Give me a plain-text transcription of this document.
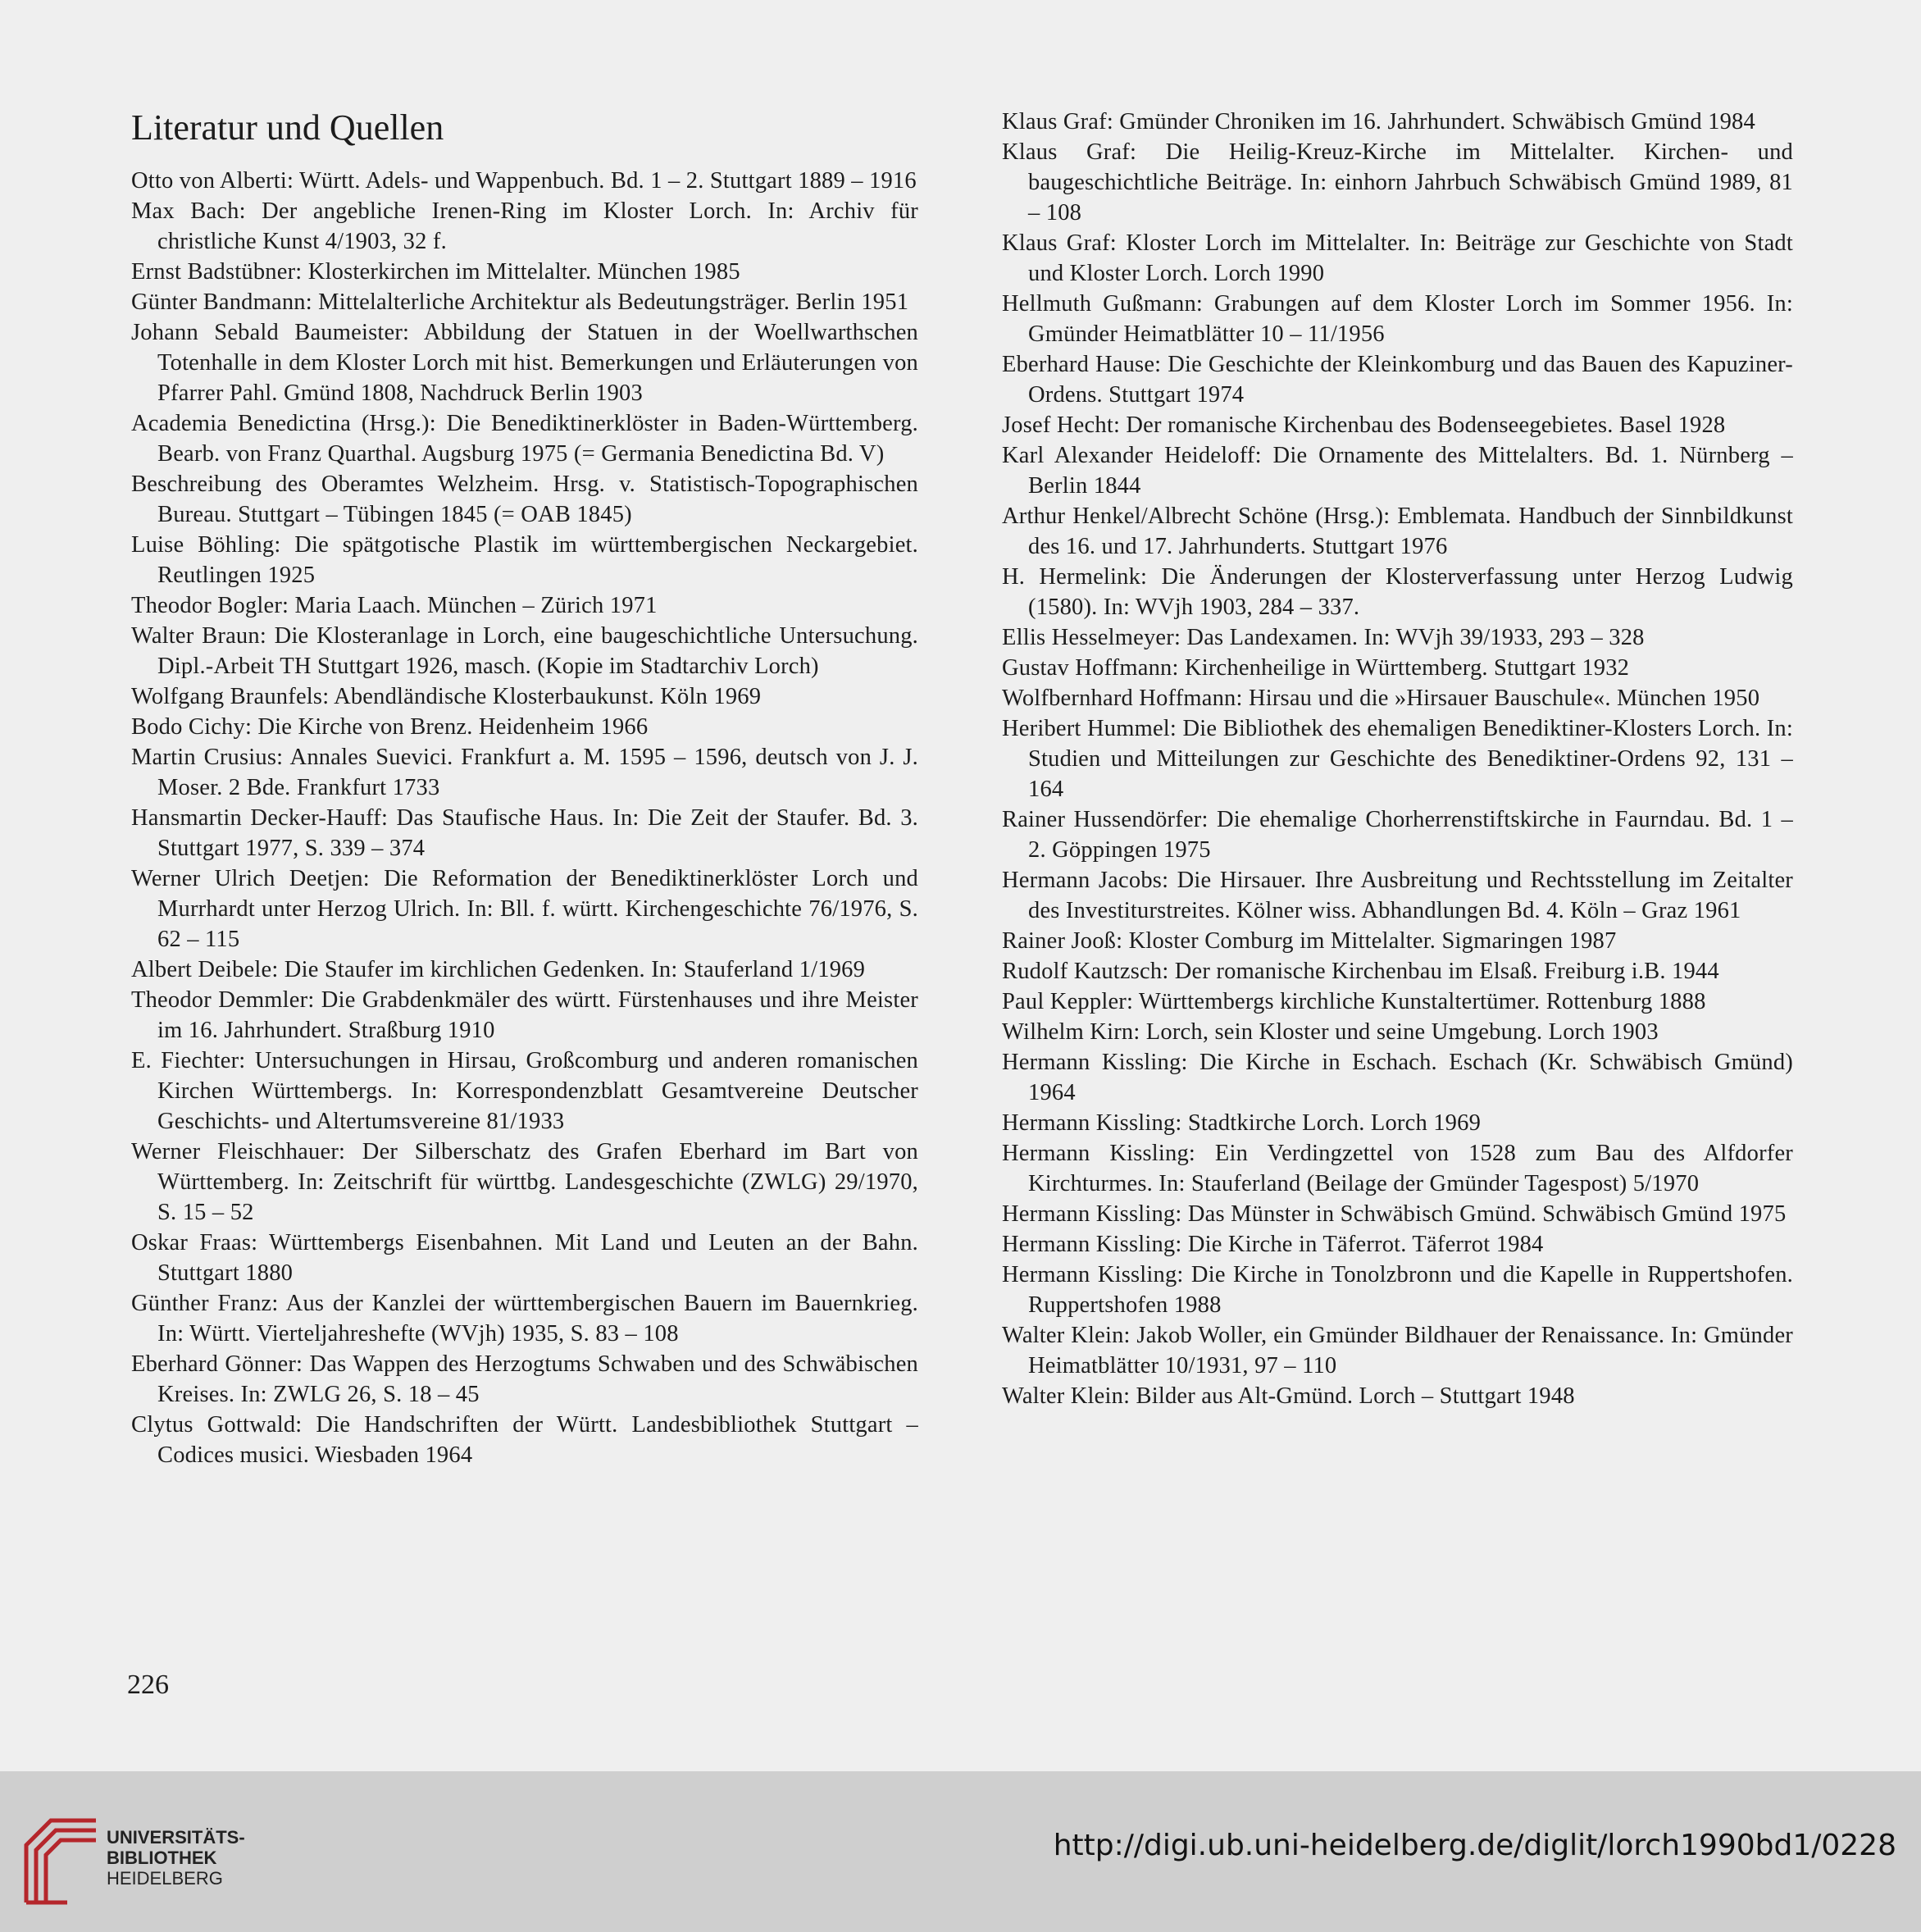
Literatur und Quellen

Otto von Alberti: Württ. Adels- und Wappenbuch. Bd. 1 – 2. Stuttgart 1889 – 1916

Max Bach: Der angebliche Irenen-Ring im Kloster Lorch. In: Archiv für christliche Kunst 4/1903, 32 f.

Ernst Badstübner: Klosterkirchen im Mittelalter. München 1985

Günter Bandmann: Mittelalterliche Architektur als Bedeutungsträger. Berlin 1951

Johann Sebald Baumeister: Abbildung der Statuen in der Woellwarthschen Totenhalle in dem Kloster Lorch mit hist. Bemerkungen und Erläuterungen von Pfarrer Pahl. Gmünd 1808, Nachdruck Berlin 1903

Academia Benedictina (Hrsg.): Die Benediktinerklöster in Baden-Württemberg. Bearb. von Franz Quarthal. Augsburg 1975 (= Germania Benedictina Bd. V)

Beschreibung des Oberamtes Welzheim. Hrsg. v. Statistisch-Topographischen Bureau. Stuttgart – Tübingen 1845 (= OAB 1845)

Luise Böhling: Die spätgotische Plastik im württembergischen Neckargebiet. Reutlingen 1925

Theodor Bogler: Maria Laach. München – Zürich 1971

Walter Braun: Die Klosteranlage in Lorch, eine baugeschichtliche Untersuchung. Dipl.-Arbeit TH Stuttgart 1926, masch. (Kopie im Stadtarchiv Lorch)

Wolfgang Braunfels: Abendländische Klosterbaukunst. Köln 1969

Bodo Cichy: Die Kirche von Brenz. Heidenheim 1966

Martin Crusius: Annales Suevici. Frankfurt a. M. 1595 – 1596, deutsch von J. J. Moser. 2 Bde. Frankfurt 1733

Hansmartin Decker-Hauff: Das Staufische Haus. In: Die Zeit der Staufer. Bd. 3. Stuttgart 1977, S. 339 – 374

Werner Ulrich Deetjen: Die Reformation der Benediktinerklöster Lorch und Murrhardt unter Herzog Ulrich. In: Bll. f. württ. Kirchengeschichte 76/1976, S. 62 – 115

Albert Deibele: Die Staufer im kirchlichen Gedenken. In: Stauferland 1/1969

Theodor Demmler: Die Grabdenkmäler des württ. Fürstenhauses und ihre Meister im 16. Jahrhundert. Straßburg 1910

E. Fiechter: Untersuchungen in Hirsau, Großcomburg und anderen romanischen Kirchen Württembergs. In: Korrespondenzblatt Gesamtvereine Deutscher Geschichts- und Altertumsvereine 81/1933

Werner Fleischhauer: Der Silberschatz des Grafen Eberhard im Bart von Württemberg. In: Zeitschrift für württbg. Landesgeschichte (ZWLG) 29/1970, S. 15 – 52

Oskar Fraas: Württembergs Eisenbahnen. Mit Land und Leuten an der Bahn. Stuttgart 1880

Günther Franz: Aus der Kanzlei der württembergischen Bauern im Bauernkrieg. In: Württ. Vierteljahreshefte (WVjh) 1935, S. 83 – 108

Eberhard Gönner: Das Wappen des Herzogtums Schwaben und des Schwäbischen Kreises. In: ZWLG 26, S. 18 – 45

Clytus Gottwald: Die Handschriften der Württ. Landesbibliothek Stuttgart – Codices musici. Wiesbaden 1964

Klaus Graf: Gmünder Chroniken im 16. Jahrhundert. Schwäbisch Gmünd 1984

Klaus Graf: Die Heilig-Kreuz-Kirche im Mittelalter. Kirchen- und baugeschichtliche Beiträge. In: einhorn Jahrbuch Schwäbisch Gmünd 1989, 81 – 108

Klaus Graf: Kloster Lorch im Mittelalter. In: Beiträge zur Geschichte von Stadt und Kloster Lorch. Lorch 1990

Hellmuth Gußmann: Grabungen auf dem Kloster Lorch im Sommer 1956. In: Gmünder Heimatblätter 10 – 11/1956

Eberhard Hause: Die Geschichte der Kleinkomburg und das Bauen des Kapuziner-Ordens. Stuttgart 1974

Josef Hecht: Der romanische Kirchenbau des Bodenseegebietes. Basel 1928

Karl Alexander Heideloff: Die Ornamente des Mittelalters. Bd. 1. Nürnberg – Berlin 1844

Arthur Henkel/Albrecht Schöne (Hrsg.): Emblemata. Handbuch der Sinnbildkunst des 16. und 17. Jahrhunderts. Stuttgart 1976

H. Hermelink: Die Änderungen der Klosterverfassung unter Herzog Ludwig (1580). In: WVjh 1903, 284 – 337.

Ellis Hesselmeyer: Das Landexamen. In: WVjh 39/1933, 293 – 328

Gustav Hoffmann: Kirchenheilige in Württemberg. Stuttgart 1932

Wolfbernhard Hoffmann: Hirsau und die »Hirsauer Bauschule«. München 1950

Heribert Hummel: Die Bibliothek des ehemaligen Benediktiner-Klosters Lorch. In: Studien und Mitteilungen zur Geschichte des Benediktiner-Ordens 92, 131 – 164

Rainer Hussendörfer: Die ehemalige Chorherrenstiftskirche in Faurndau. Bd. 1 – 2. Göppingen 1975

Hermann Jacobs: Die Hirsauer. Ihre Ausbreitung und Rechtsstellung im Zeitalter des Investiturstreites. Kölner wiss. Abhandlungen Bd. 4. Köln – Graz 1961

Rainer Jooß: Kloster Comburg im Mittelalter. Sigmaringen 1987

Rudolf Kautzsch: Der romanische Kirchenbau im Elsaß. Freiburg i.B. 1944

Paul Keppler: Württembergs kirchliche Kunstaltertümer. Rottenburg 1888

Wilhelm Kirn: Lorch, sein Kloster und seine Umgebung. Lorch 1903

Hermann Kissling: Die Kirche in Eschach. Eschach (Kr. Schwäbisch Gmünd) 1964

Hermann Kissling: Stadtkirche Lorch. Lorch 1969

Hermann Kissling: Ein Verdingzettel von 1528 zum Bau des Alfdorfer Kirchturmes. In: Stauferland (Beilage der Gmünder Tagespost) 5/1970

Hermann Kissling: Das Münster in Schwäbisch Gmünd. Schwäbisch Gmünd 1975

Hermann Kissling: Die Kirche in Täferrot. Täferrot 1984

Hermann Kissling: Die Kirche in Tonolzbronn und die Kapelle in Ruppertshofen. Ruppertshofen 1988

Walter Klein: Jakob Woller, ein Gmünder Bildhauer der Renaissance. In: Gmünder Heimatblätter 10/1931, 97 – 110

Walter Klein: Bilder aus Alt-Gmünd. Lorch – Stuttgart 1948

226
UNIVERSITÄTS-
BIBLIOTHEK
HEIDELBERG
http://digi.ub.uni-heidelberg.de/diglit/lorch1990bd1/0228
